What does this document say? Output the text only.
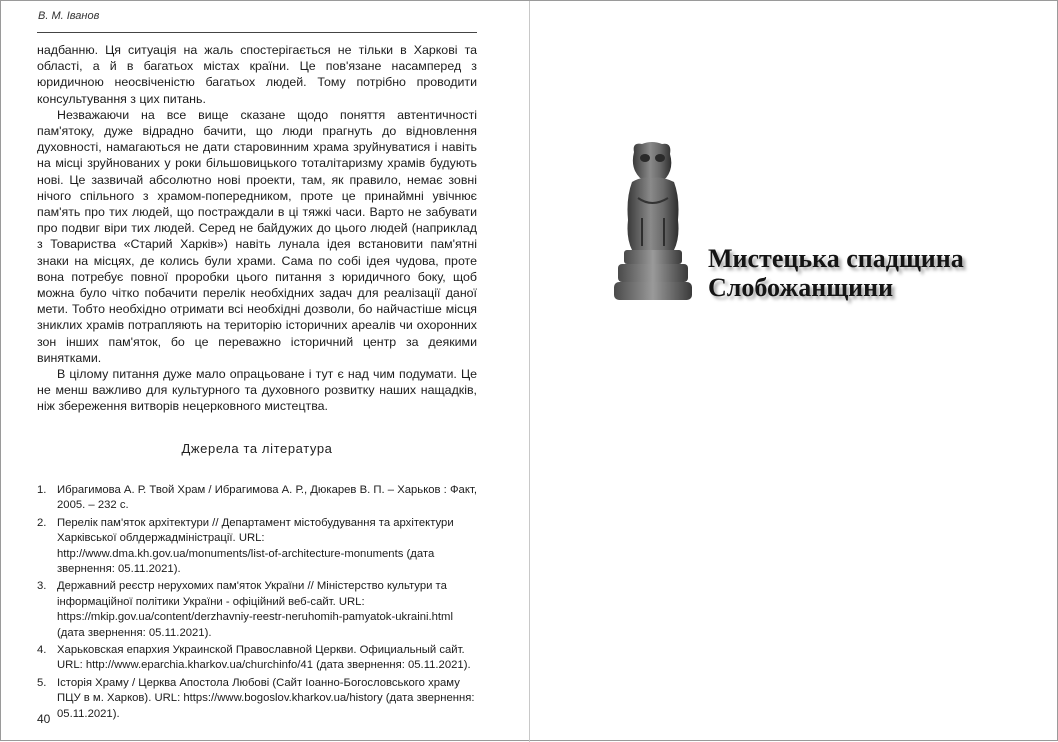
В. М. Іванов

надбанню. Ця ситуація на жаль спостерігається не тільки в Харкові та області, а й в багатьох містах країни. Це пов'язане насамперед з юридичною неосвіченістю багатьох людей. Тому потрібно проводити консультування з цих питань.

Незважаючи на все вище сказане щодо поняття автентичності пам'ятоку, дуже відрадно бачити, що люди прагнуть до відновлення духовності, намагаються не дати старовинним храма зруйнуватися і навіть на місці зруйнованих у роки більшовицького тоталітаризму храмів будують нові. Це зазвичай абсолютно нові проекти, там, як правило, немає зовні нічого спільного з храмом-попередником, проте це принаймні увічнює пам'ять про тих людей, що постраждали в ці тяжкі часи. Варто не забувати про подвиг віри тих людей. Серед не байдужих до цього людей (наприклад з Товариства «Старий Харків») навіть лунала ідея встановити пам'ятні знаки на місцях, де колись були храми. Сама по собі ідея чудова, проте вона потребує повної проробки цього питання з юридичного боку, щоб можна було чітко побачити перелік необхідних задач для реалізації даної мети. Тобто необхідно отримати всі необхідні дозволи, бо найчастіше місця зниклих храмів потрапляють на територію історичних ареалів чи охоронних зон інших пам'яток, бо це переважно історичний центр за деякими винятками.

В цілому питання дуже мало опрацьоване і тут є над чим подумати. Це не менш важливо для культурного та духовного розвитку наших нащадків, ніж збереження витворів нецерковного мистецтва.

Джерела та література
1. Ибрагимова А. Р. Твой Храм / Ибрагимова А. Р., Дюкарев В. П. – Харьков : Факт, 2005. – 232 с.
2. Перелік пам'яток архітектури // Департамент містобудування та архітектури Харківської облдержадміністрації. URL: http://www.dma.kh.gov.ua/monuments/list-of-architecture-monuments (дата звернення: 05.11.2021).
3. Державний реєстр нерухомих пам'яток України // Міністерство культури та інформаційної політики України - офіційний веб-сайт. URL: https://mkip.gov.ua/content/derzhavniy-reestr-neruhomih-pamyatok-ukraini.html (дата звернення: 05.11.2021).
4. Харьковская епархия Украинской Православной Церкви. Официальный сайт. URL: http://www.eparchia.kharkov.ua/churchinfo/41 (дата звернення: 05.11.2021).
5. Історія Храму / Церква Апостола Любові (Сайт Іоанно-Богословського храму ПЦУ в м. Харков). URL: https://www.bogoslov.kharkov.ua/history (дата звернення: 05.11.2021).
40
Мистецька спадщина
Слобожанщини
